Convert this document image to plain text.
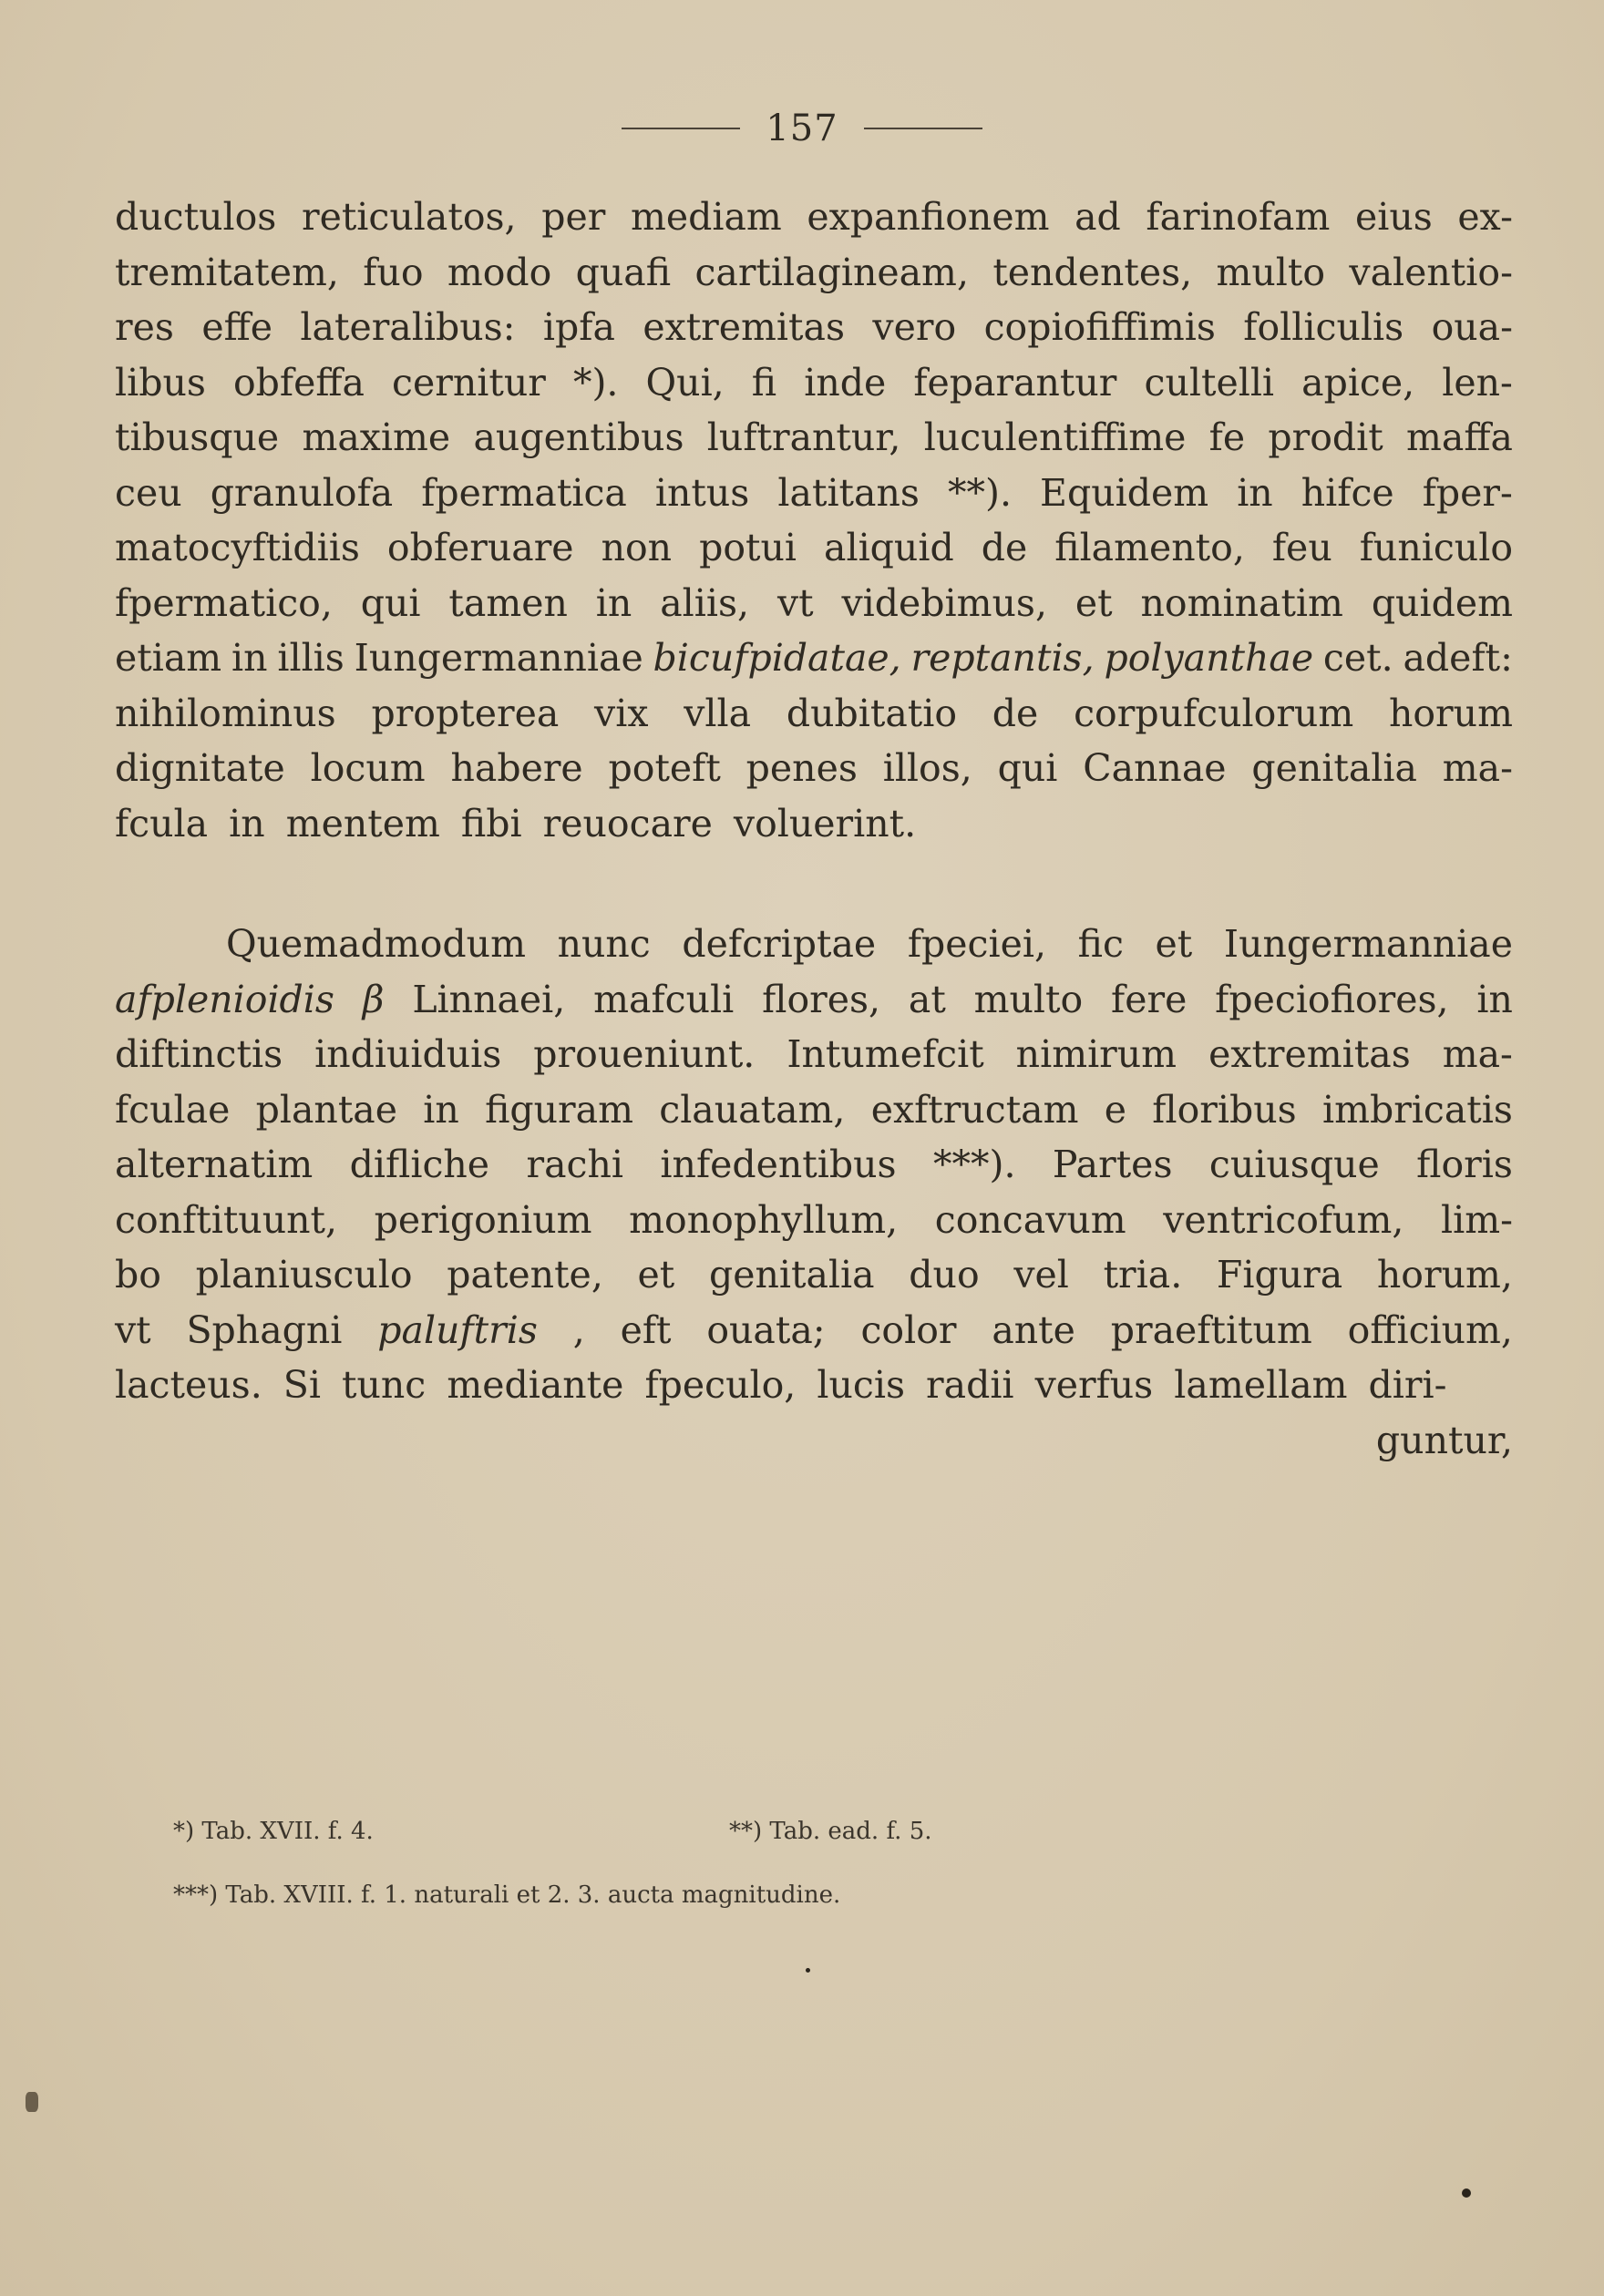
157
ductulos reticulatos, per mediam expanfionem ad farinofam eius ex-
tremitatem, fuo modo quafi cartilagineam, tendentes, multo valentio-
res effe lateralibus: ipfa extremitas vero copiofiffimis folliculis oua-
libus obfeffa cernitur *). Qui, fi inde feparantur cultelli apice, len-
tibusque maxime augentibus luftrantur, luculentiffime fe prodit maffa
ceu granulofa fpermatica intus latitans **). Equidem in hifce fper-
matocyftidiis obferuare non potui aliquid de filamento, feu funiculo
fpermatico, qui tamen in aliis, vt videbimus, et nominatim quidem
etiam in illis Iungermanniae bicufpidatae, reptantis, polyanthae cet. adeft:
nihilominus propterea vix vlla dubitatio de corpufculorum horum
dignitate locum habere poteft penes illos, qui Cannae genitalia ma-
fcula in mentem fibi reuocare voluerint.
Quemadmodum nunc defcriptae fpeciei, fic et Iungermanniae
afplenioidis β Linnaei, mafculi flores, at multo fere fpeciofiores, in
diftinctis indiuiduis proueniunt. Intumefcit nimirum extremitas ma-
fculae plantae in figuram clauatam, exftructam e floribus imbricatis
alternatim difliche rachi infedentibus ***). Partes cuiusque floris
conftituunt, perigonium monophyllum, concavum ventricofum, lim-
bo planiusculo patente, et genitalia duo vel tria. Figura horum,
vt Sphagni paluftris , eft ouata; color ante praeftitum officium,
lacteus. Si tunc mediante fpeculo, lucis radii verfus lamellam diri-
guntur,
*) Tab. XVII. f. 4.	**) Tab. ead. f. 5.
***) Tab. XVIII. f. 1. naturali et 2. 3. aucta magnitudine.
